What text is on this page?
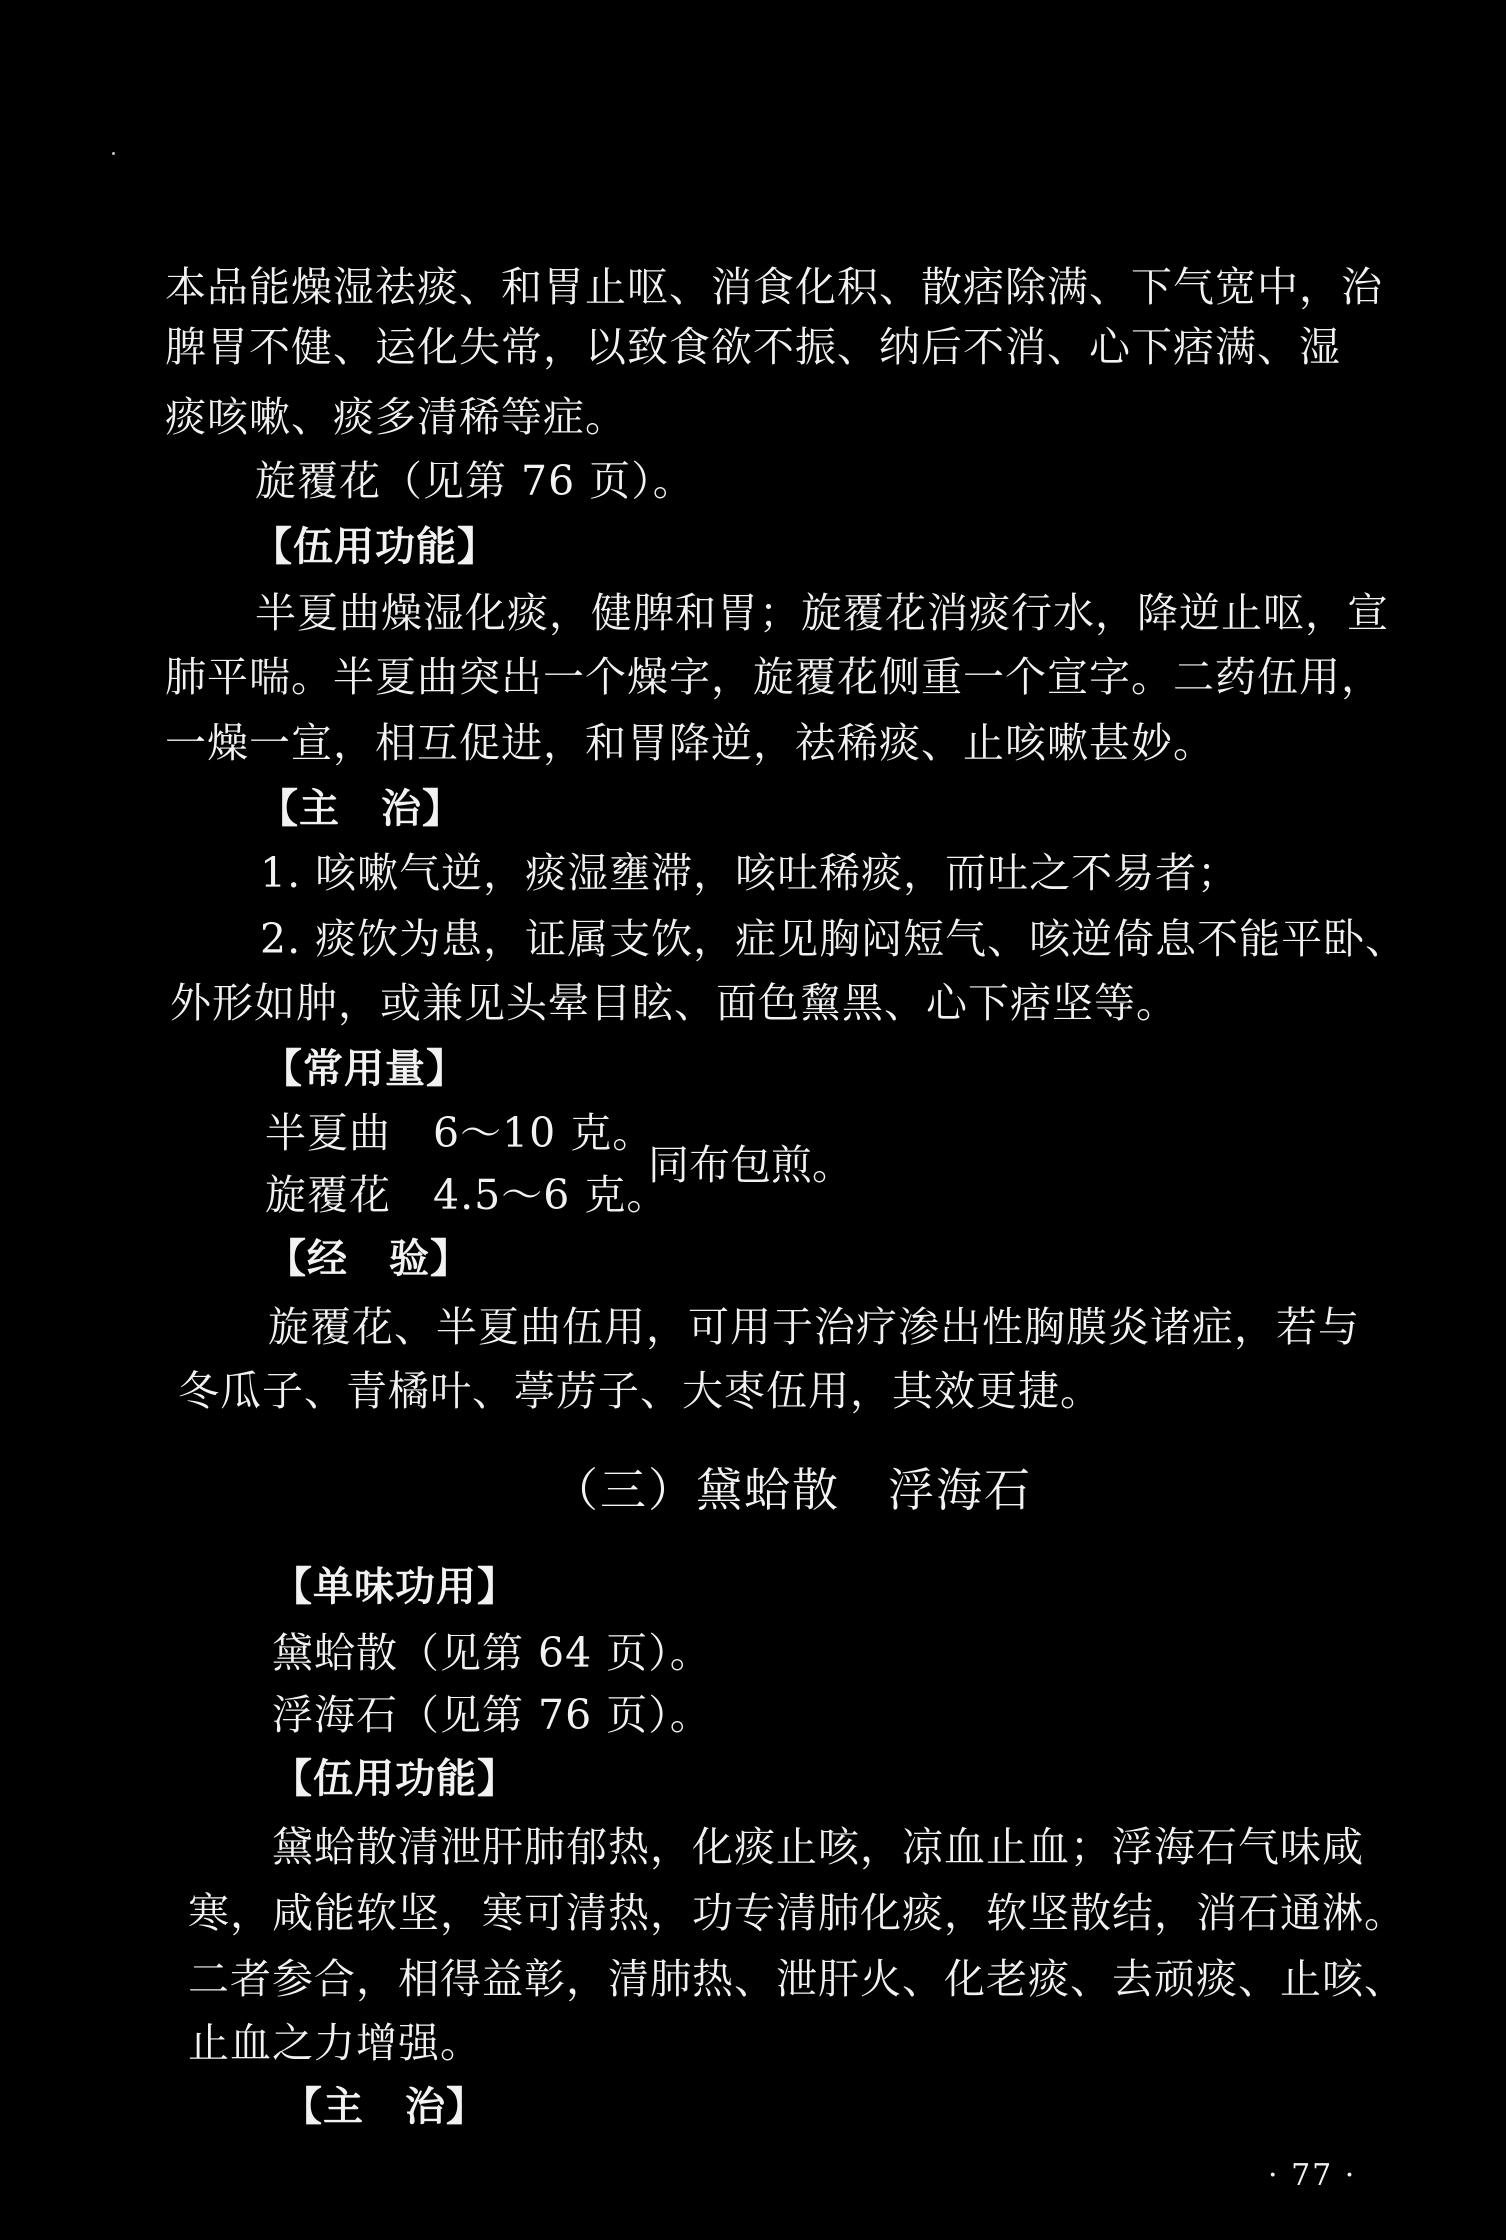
本品能燥湿祛痰、和胃止呕、消食化积、散痞除满、下气宽中，治
脾胃不健、运化失常，以致食欲不振、纳后不消、心下痞满、湿
痰咳嗽、痰多清稀等症。
旋覆花（见第 76 页）。
【伍用功能】
半夏曲燥湿化痰，健脾和胃；旋覆花消痰行水，降逆止呕，宣
肺平喘。半夏曲突出一个燥字，旋覆花侧重一个宣字。二药伍用，
一燥一宣，相互促进，和胃降逆，祛稀痰、止咳嗽甚妙。
【主　治】
1. 咳嗽气逆，痰湿壅滞，咳吐稀痰，而吐之不易者；
2. 痰饮为患，证属支饮，症见胸闷短气、咳逆倚息不能平卧、
外形如肿，或兼见头晕目眩、面色黧黑、心下痞坚等。
【常用量】
半夏曲　6～10 克。
旋覆花　4.5～6 克。
同布包煎。
【经　验】
旋覆花、半夏曲伍用，可用于治疗渗出性胸膜炎诸症，若与
冬瓜子、青橘叶、葶苈子、大枣伍用，其效更捷。
（三）黛蛤散　浮海石
【单味功用】
黛蛤散（见第 64 页）。
浮海石（见第 76 页）。
【伍用功能】
黛蛤散清泄肝肺郁热，化痰止咳，凉血止血；浮海石气味咸
寒，咸能软坚，寒可清热，功专清肺化痰，软坚散结，消石通淋。
二者参合，相得益彰，清肺热、泄肝火、化老痰、去顽痰、止咳、
止血之力增强。
【主　治】
· 77 ·
